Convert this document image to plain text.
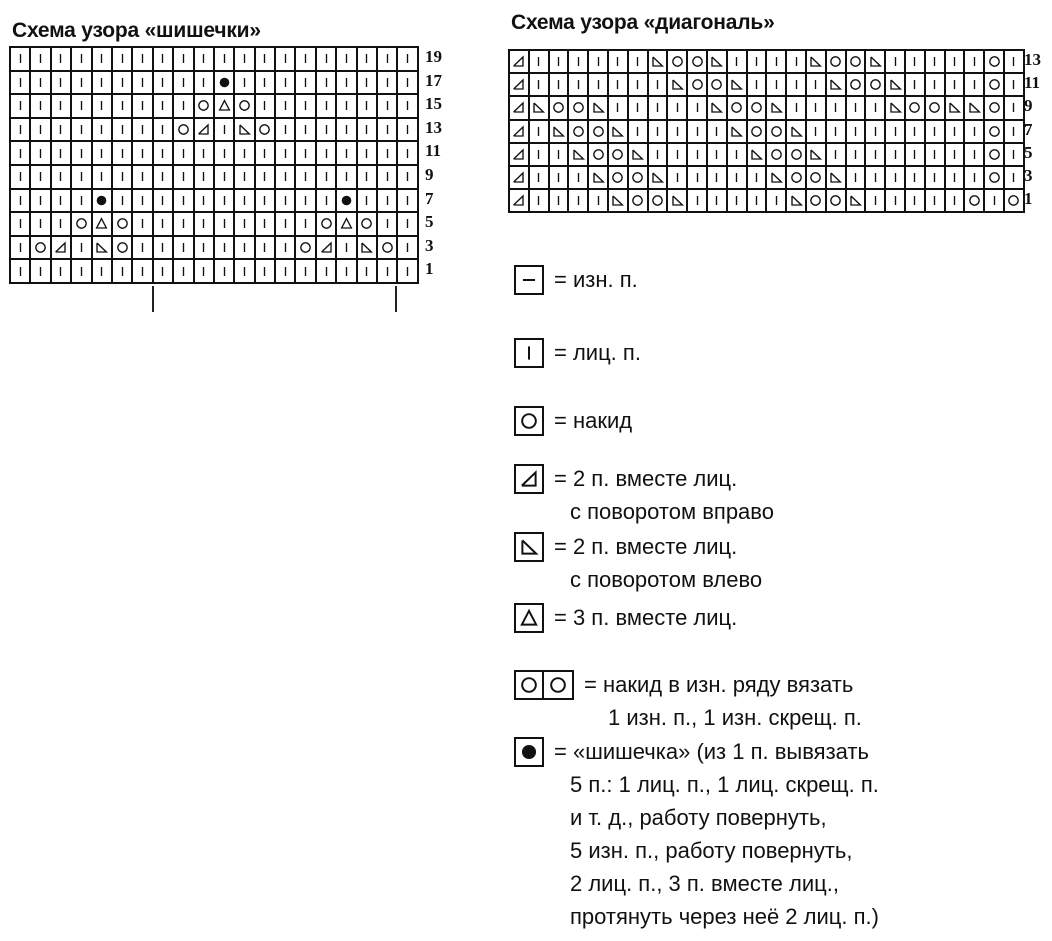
Схема узора «шишечки»	Схема узора «диагональ»
19
17
15
13
11
9
7
5
3
1
13
11
9
7
5
3
1
= изн. п.
= лиц. п.
= накид
= 2 п. вместе лиц.
с поворотом вправо
= 2 п. вместе лиц.
с поворотом влево
= 3 п. вместе лиц.
= накид в изн. ряду вязать
1 изн. п., 1 изн. скрещ. п.
= «шишечка» (из 1 п. вывязать
5 п.: 1 лиц. п., 1 лиц. скрещ. п.
и т. д., работу повернуть,
5 изн. п., работу повернуть,
2 лиц. п., 3 п. вместе лиц.,
протянуть через неё 2 лиц. п.)
